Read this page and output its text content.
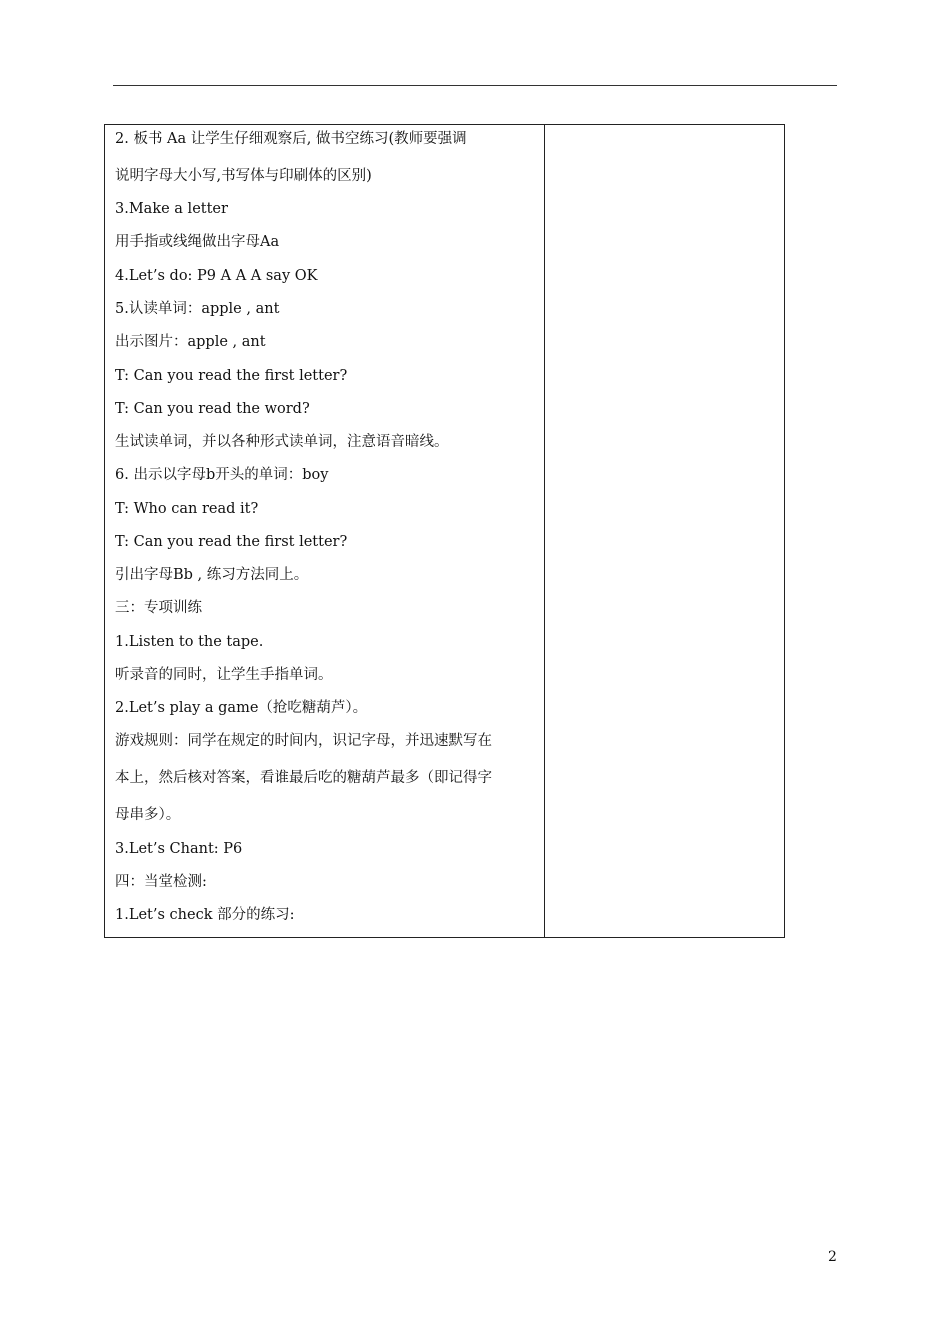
2. 板书 Aa 让学生仔细观察后, 做书空练习(教师要强调
说明字母大小写,书写体与印刷体的区别)
3.Make a letter
用手指或线绳做出字母Aa
4.Let’s do: P9 A A A say OK
5.认读单词：apple , ant
出示图片：apple , ant
T: Can you read the first letter?
T: Can you read the word?
生试读单词，并以各种形式读单词，注意语音暗线。
6. 出示以字母b开头的单词：boy
T: Who can read it?
T: Can you read the first letter?
引出字母Bb , 练习方法同上。
三：专项训练
1.Listen to the tape.
听录音的同时，让学生手指单词。
2.Let’s play a game（抢吃糖葫芦）。
游戏规则：同学在规定的时间内，识记字母，并迅速默写在
本上，然后核对答案，看谁最后吃的糖葫芦最多（即记得字
母串多）。
3.Let’s Chant: P6
四：当堂检测:
1.Let’s check 部分的练习:
2
